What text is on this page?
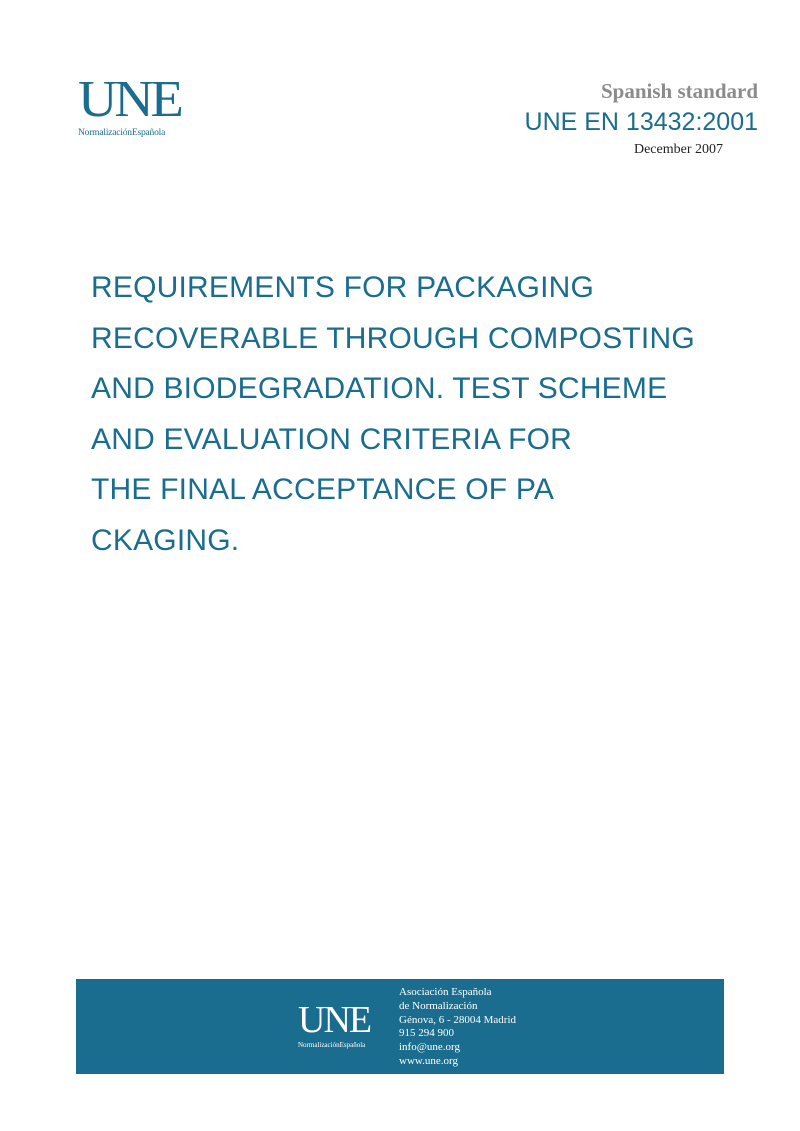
UNE
NormalizaciónEspañola
Spanish standard
UNE EN 13432:2001
December 2007
REQUIREMENTS FOR PACKAGING
RECOVERABLE THROUGH COMPOSTING
AND BIODEGRADATION. TEST SCHEME
AND EVALUATION CRITERIA FOR
THE FINAL ACCEPTANCE OF PA
CKAGING.
UNE
NormalizaciónEspañola
Asociación Española
de Normalización
Génova, 6 - 28004 Madrid
915 294 900
info@une.org
www.une.org
